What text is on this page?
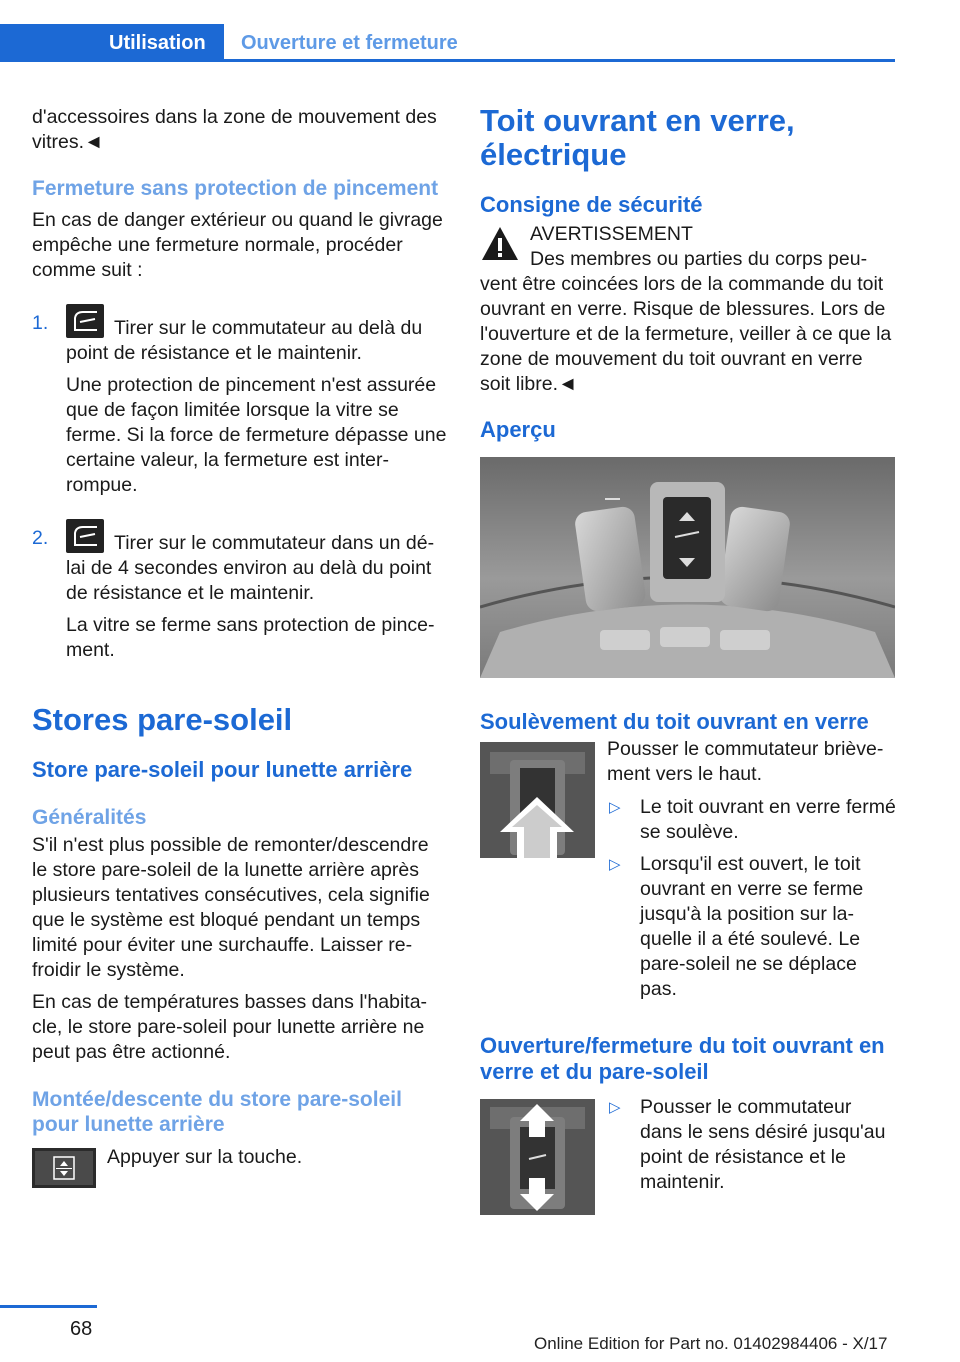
Utilisation	Ouverture et fermeture

d'accessoires dans la zone de mouvement des vitres.◄

Fermeture sans protection de pincement

En cas de danger extérieur ou quand le givrage empêche une fermeture normale, procéder comme suit :

1.	Tirer sur le commutateur au delà du point de résistance et le maintenir.

Une protection de pincement n'est assurée que de façon limitée lorsque la vitre se ferme. Si la force de fermeture dépasse une certaine valeur, la fermeture est inter‐rompue.

2.	Tirer sur le commutateur dans un dé‐lai de 4 secondes environ au delà du point de résistance et le maintenir.

La vitre se ferme sans protection de pince‐ment.

Stores pare-soleil
Store pare-soleil pour lunette arrière
Généralités

S'il n'est plus possible de remonter/descendre le store pare-soleil de la lunette arrière après plusieurs tentatives consécutives, cela signifie que le système est bloqué pendant un temps limité pour éviter une surchauffe. Laisser re‐froidir le système.

En cas de températures basses dans l'habita‐cle, le store pare-soleil pour lunette arrière ne peut pas être actionné.

Montée/descente du store pare-soleil pour lunette arrière

Appuyer sur la touche.

Toit ouvrant en verre, électrique
Consigne de sécurité

AVERTISSEMENT

Des membres ou parties du corps peu‐vent être coincées lors de la commande du toit ouvrant en verre. Risque de blessures. Lors de l'ouverture et de la fermeture, veiller à ce que la zone de mouvement du toit ouvrant en verre soit libre.◄

Aperçu
Soulèvement du toit ouvrant en verre

Pousser le commutateur briève‐ment vers le haut.

▷ Le toit ouvrant en verre fermé se soulève.
▷ Lorsqu'il est ouvert, le toit ouvrant en verre se ferme jusqu'à la position sur la‐quelle il a été soulevé. Le pare-soleil ne se déplace pas.
Ouverture/fermeture du toit ouvrant en verre et du pare-soleil
▷ Pousser le commutateur dans le sens désiré jusqu'au point de résistance et le maintenir.
68
Online Edition for Part no. 01402984406 - X/17
